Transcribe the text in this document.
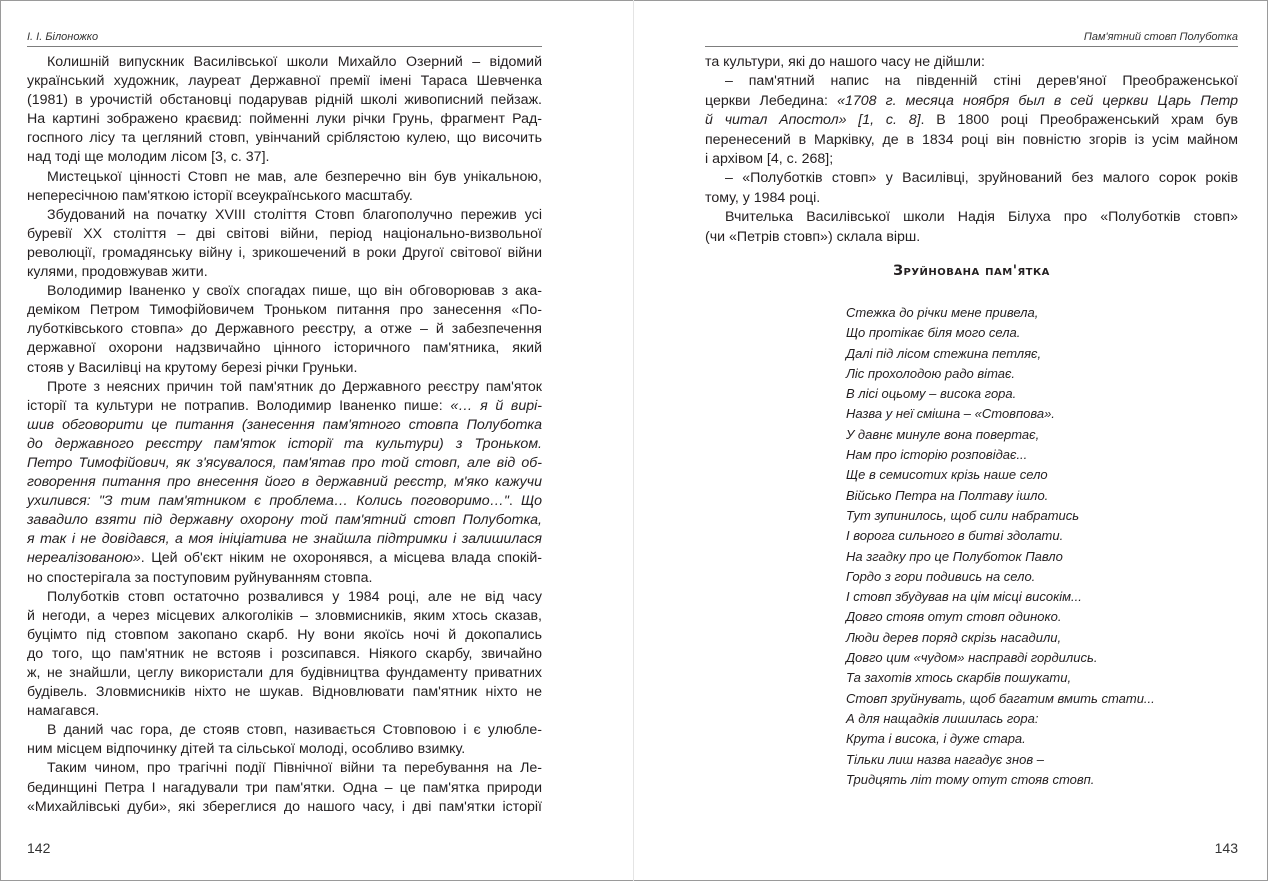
І. І. Білоножко
Колишній випускник Василівської школи Михайло Озерний – відомий
український художник, лауреат Державної премії імені Тараса Шевченка
(1981) в урочистій обстановці подарував рідній школі живописний пейзаж.
На картині зображено краєвид: пойменні луки річки Грунь, фрагмент Рад-
госпного лісу та цегляний стовп, увінчаний сріблястою кулею, що височить
над тоді ще молодим лісом [3, с. 37].
Мистецької цінності Стовп не мав, але безперечно він був унікальною,
непересічною пам'яткою історії всеукраїнського масштабу.
Збудований на початку XVIII століття Стовп благополучно пережив усі
буревії XX століття – дві світові війни, період національно-визвольної
революції, громадянську війну і, зрикошечений в роки Другої світової війни
кулями, продовжував жити.
Володимир Іваненко у своїх спогадах пише, що він обговорював з ака-
деміком Петром Тимофійовичем Троньком питання про занесення «По-
луботківського стовпа» до Державного реєстру, а отже – й забезпечення
державної охорони надзвичайно цінного історичного пам'ятника, який
стояв у Василівці на крутому березі річки Груньки.
Проте з неясних причин той пам'ятник до Державного реєстру пам'яток
історії та культури не потрапив. Володимир Іваненко пише: «… я й вирі-
шив обговорити це питання (занесення пам'ятного стовпа Полуботка
до державного реєстру пам'яток історії та культури) з Троньком.
Петро Тимофійович, як з'ясувалося, пам'ятав про той стовп, але від об-
говорення питання про внесення його в державний реєстр, м'яко кажучи
ухилився: "З тим пам'ятником є проблема… Колись поговоримо…". Що
завадило взяти під державну охорону той пам'ятний стовп Полуботка,
я так і не довідався, а моя ініціатива не знайшла підтримки і залишилася
нереалізованою». Цей об'єкт ніким не охоронявся, а місцева влада спокій-
но спостерігала за поступовим руйнуванням стовпа.
Полуботків стовп остаточно розвалився у 1984 році, але не від часу
й негоди, а через місцевих алкоголіків – зловмисників, яким хтось сказав,
буцімто під стовпом закопано скарб. Ну вони якоїсь ночі й докопались
до того, що пам'ятник не встояв і розсипався. Ніякого скарбу, звичайно
ж, не знайшли, цеглу використали для будівництва фундаменту приватних
будівель. Зловмисників ніхто не шукав. Відновлювати пам'ятник ніхто не
намагався.
В даний час гора, де стояв стовп, називається Стовповою і є улюбле-
ним місцем відпочинку дітей та сільської молоді, особливо взимку.
Таким чином, про трагічні події Північної війни та перебування на Ле-
бединщині Петра І нагадували три пам'ятки. Одна – це пам'ятка природи
«Михайлівські дуби», які збереглися до нашого часу, і дві пам'ятки історії
142
Пам'ятний стовп Полуботка
та культури, які до нашого часу не дійшли:
– пам'ятний напис на південній стіні дерев'яної Преображенської
церкви Лебедина: «1708 г. месяца ноября был в сей церкви Царь Петр
й читал Апостол» [1, с. 8]. В 1800 році Преображенський храм був
перенесений в Марківку, де в 1834 році він повністю згорів із усім майном
і архівом [4, с. 268];
– «Полуботків стовп» у Василівці, зруйнований без малого сорок років
тому, у 1984 році.
Вчителька Василівської школи Надія Білуха про «Полуботків стовп»
(чи «Петрів стовп») склала вірш.
Зруйнована пам'ятка
Стежка до річки мене привела,
Що протікає біля мого села.
Далі під лісом стежина петляє,
Ліс прохолодою радо вітає.
В лісі оцьому – висока гора.
Назва у неї смішна – «Стовпова».
У давнє минуле вона повертає,
Нам про історію розповідає...
Ще в семисотих крізь наше село
Військо Петра на Полтаву ішло.
Тут зупинилось, щоб сили набратись
І ворога сильного в битві здолати.
На згадку про це Полуботок Павло
Гордо з гори подивись на село.
І стовп збудував на цім місці високім...
Довго стояв отут стовп одиноко.
Люди дерев поряд скрізь насадили,
Довго цим «чудом» насправді гордились.
Та захотів хтось скарбів пошукати,
Стовп зруйнувать, щоб багатим вмить стати...
А для нащадків лишилась гора:
Крута і висока, і дуже стара.
Тільки лиш назва нагадує знов –
Тридцять літ тому отут стояв стовп.
143
